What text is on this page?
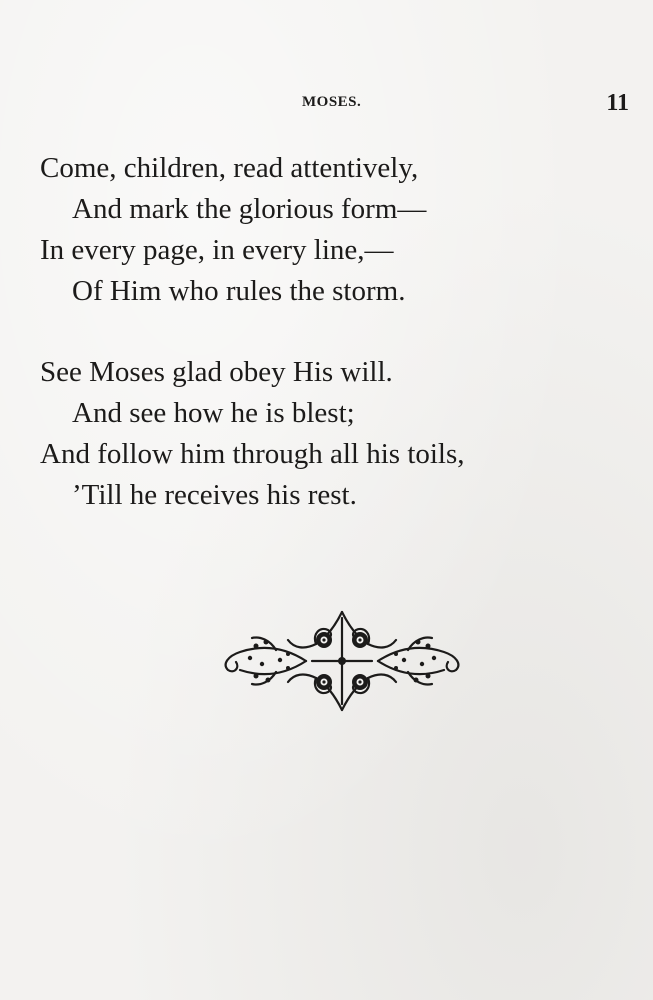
MOSES.	11
Come, children, read attentively,
And mark the glorious form—
In every page, in every line,—
Of Him who rules the storm.
See Moses glad obey His will.
And see how he is blest;
And follow him through all his toils,
’Till he receives his rest.
